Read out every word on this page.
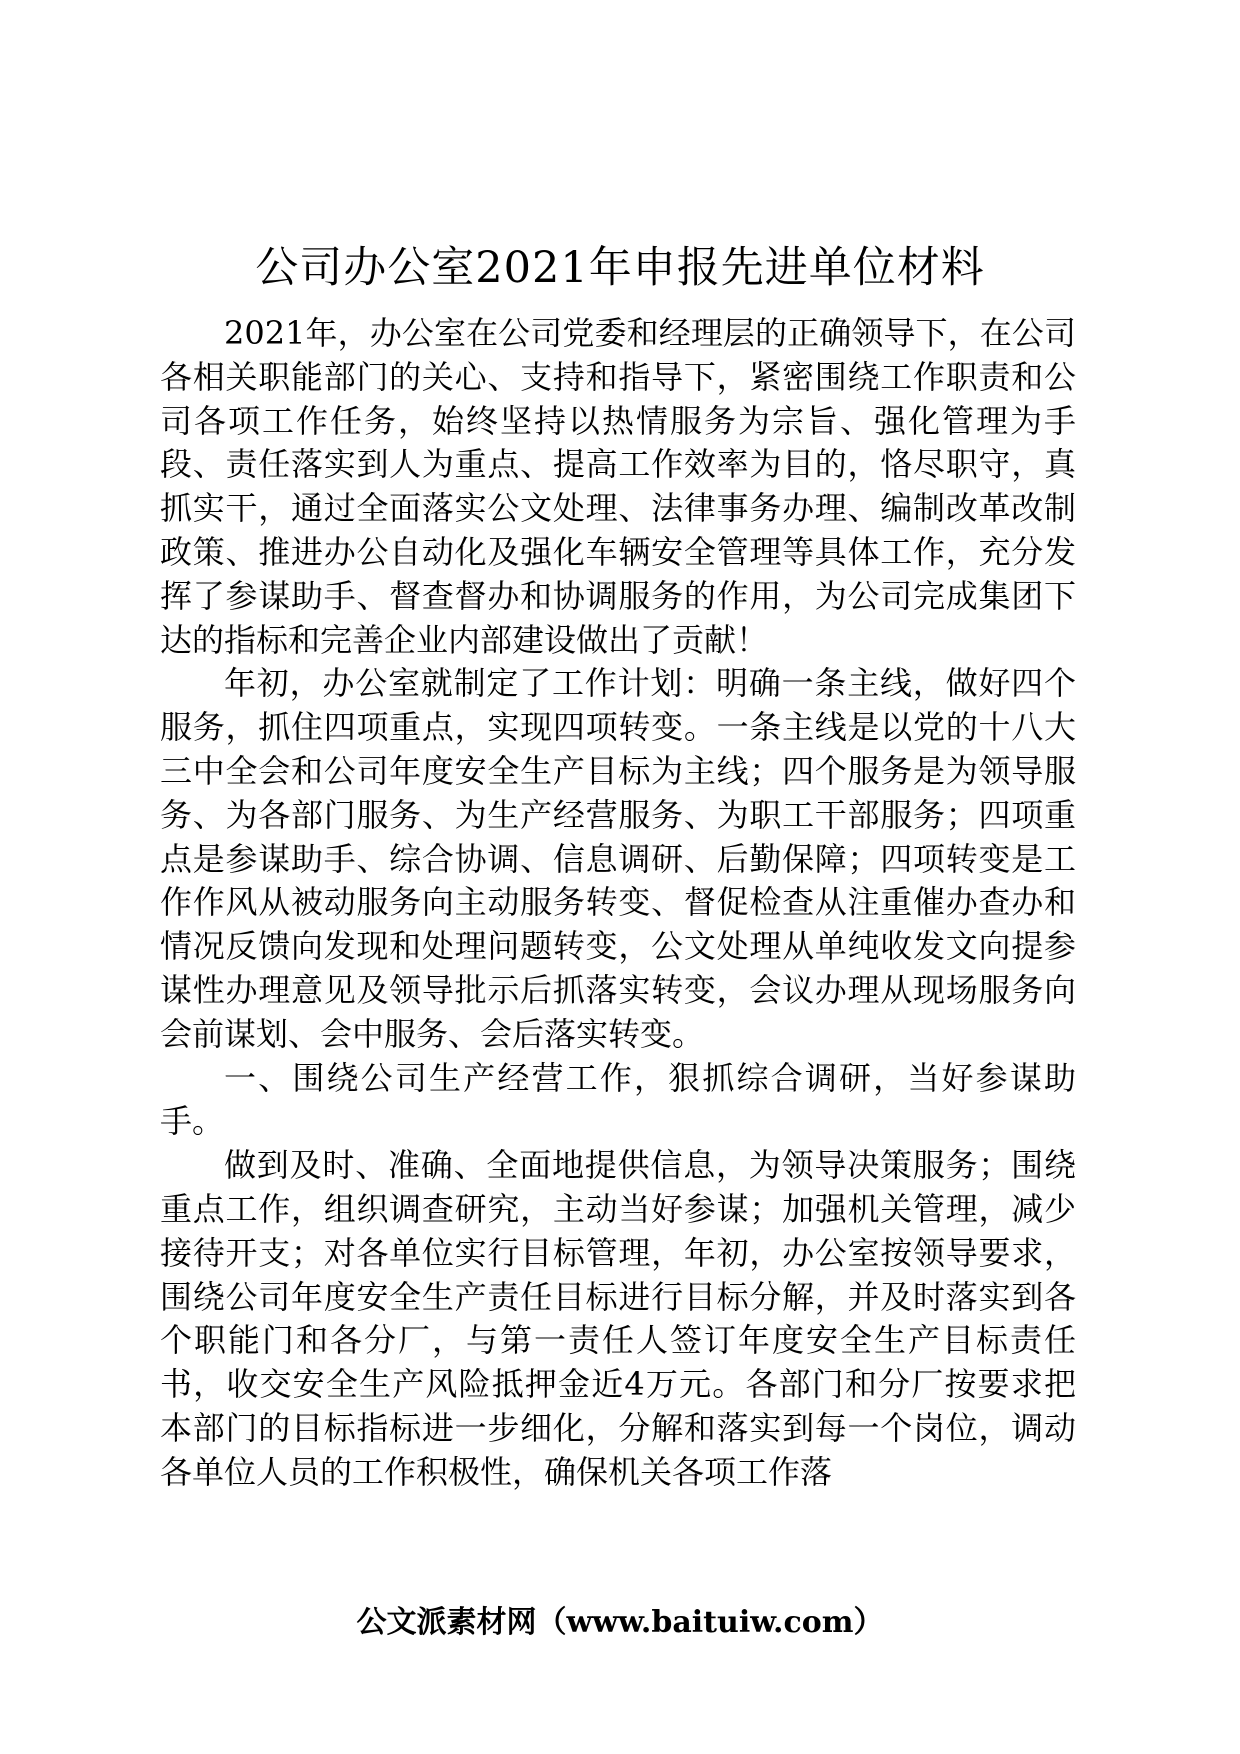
公司办公室2021年申报先进单位材料

2021年，办公室在公司党委和经理层的正确领导下，在公司各相关职能部门的关心、支持和指导下，紧密围绕工作职责和公司各项工作任务，始终坚持以热情服务为宗旨、强化管理为手段、责任落实到人为重点、提高工作效率为目的，恪尽职守，真抓实干，通过全面落实公文处理、法律事务办理、编制改革改制政策、推进办公自动化及强化车辆安全管理等具体工作，充分发挥了参谋助手、督查督办和协调服务的作用，为公司完成集团下达的指标和完善企业内部建设做出了贡献！

年初，办公室就制定了工作计划：明确一条主线，做好四个服务，抓住四项重点，实现四项转变。一条主线是以党的十八大三中全会和公司年度安全生产目标为主线；四个服务是为领导服务、为各部门服务、为生产经营服务、为职工干部服务；四项重点是参谋助手、综合协调、信息调研、后勤保障；四项转变是工作作风从被动服务向主动服务转变、督促检查从注重催办查办和情况反馈向发现和处理问题转变，公文处理从单纯收发文向提参谋性办理意见及领导批示后抓落实转变，会议办理从现场服务向会前谋划、会中服务、会后落实转变。

一、围绕公司生产经营工作，狠抓综合调研，当好参谋助手。

做到及时、准确、全面地提供信息，为领导决策服务；围绕重点工作，组织调查研究，主动当好参谋；加强机关管理，减少接待开支；对各单位实行目标管理，年初，办公室按领导要求，围绕公司年度安全生产责任目标进行目标分解，并及时落实到各个职能门和各分厂，与第一责任人签订年度安全生产目标责任书，收交安全生产风险抵押金近4万元。各部门和分厂按要求把本部门的目标指标进一步细化，分解和落实到每一个岗位，调动各单位人员的工作积极性，确保机关各项工作落

公文派素材网（www.baituiw.com）
